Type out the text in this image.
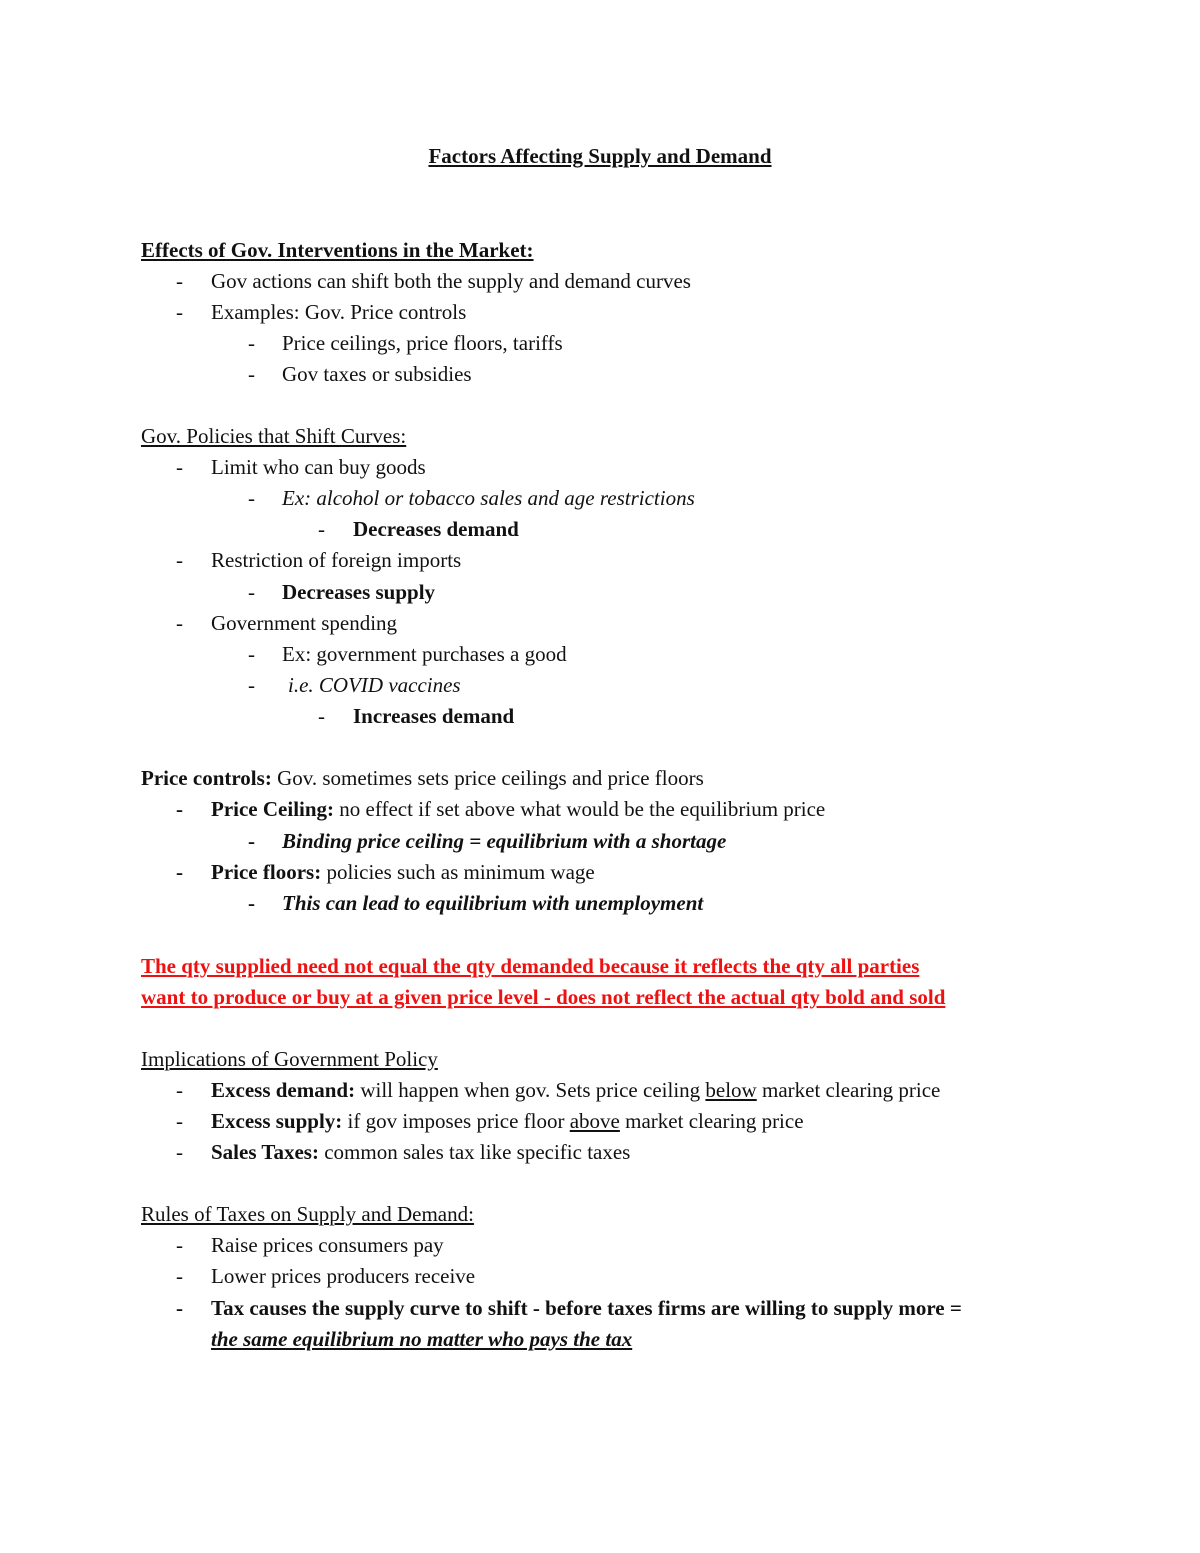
Factors Affecting Supply and Demand
Effects of Gov. Interventions in the Market:
- Gov actions can shift both the supply and demand curves
- Examples: Gov. Price controls
- Price ceilings, price floors, tariffs
- Gov taxes or subsidies
Gov. Policies that Shift Curves:
- Limit who can buy goods
- Ex: alcohol or tobacco sales and age restrictions
- Decreases demand
- Restriction of foreign imports
- Decreases supply
- Government spending
- Ex: government purchases a good
- i.e. COVID vaccines
- Increases demand
Price controls: Gov. sometimes sets price ceilings and price floors
- Price Ceiling: no effect if set above what would be the equilibrium price
- Binding price ceiling = equilibrium with a shortage
- Price floors: policies such as minimum wage
- This can lead to equilibrium with unemployment
The qty supplied need not equal the qty demanded because it reflects the qty all parties
want to produce or buy at a given price level - does not reflect the actual qty bold and sold
Implications of Government Policy
- Excess demand: will happen when gov. Sets price ceiling below market clearing price
- Excess supply: if gov imposes price floor above market clearing price
- Sales Taxes: common sales tax like specific taxes
Rules of Taxes on Supply and Demand:
- Raise prices consumers pay
- Lower prices producers receive
- Tax causes the supply curve to shift - before taxes firms are willing to supply more =
the same equilibrium no matter who pays the tax
